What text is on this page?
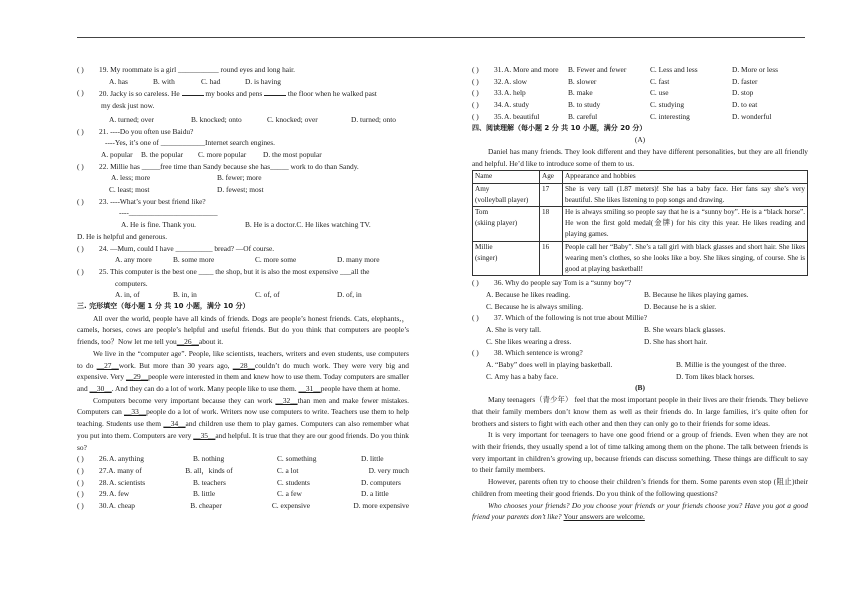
( )	19. My roommate is a girl ___________ round eyes and long hair.
A. has	B. with	C. had	D. is having
( )	20. Jacky is so careless. He	my books and pens	the floor when he walked past
my desk just now.
A. turned; over	B. knocked; onto	C. knocked; over	D. turned; onto
( )	21. ----Do you often use Baidu?
----Yes, it’s one of ____________Internet search engines.
A. popular	B. the popular	C. more popular	D. the most popular
( )	22. Millie has _____free time than Sandy because she has_____ work to do than Sandy.
A. less; more	B. fewer; more
C. least; most	D. fewest; most
( )	23. ----What’s your best friend like?
----________________________
A. He is fine. Thank you.	B. He is a doctor.C. He likes watching TV.
D. He is helpful and generous.
( )	24. —Mum, could I have __________ bread? —Of course.
A. any more	B. some more	C. more some	D. many more
( )	25. This computer is the best one ____ the shop, but it is also the most expensive ___all the
computers.
A. in, of	B. in, in	C. of, of	D. of, in
三. 完形填空（每小题 1 分 共 10 小题，满分 10 分）

All over the world, people have all kinds of friends. Dogs are people’s honest friends. Cats, elephants,，camels, horses, cows are people’s helpful and useful friends. But do you think that computers are people’s friends, too？Now let me tell you__26__about it.

We live in the “computer age”. People, like scientists, teachers, writers and even students, use computers to do __27__work. But more than 30 years ago, __28__couldn’t do much work. They were very big and expensive. Very __29__people were interested in them and knew how to use them. Today computers are smaller and __30__. And they can do a lot of work. Many people like to use them. __31__people have them at home.

Computers become very important because they can work __32__than men and make fewer mistakes. Computers can __33__people do a lot of work. Writers now use computers to write. Teachers use them to help teaching. Students use them __34__and children use them to play games. Computers can also remember what you put into them. Computers are very __35__and helpful. It is true that they are our good friends. Do you think so?

( )	26. A. anything	B. nothing	C. something	D. little
( )	27. A. many of	B. all，kinds of	C. a lot	D. very much
( )	28. A. scientists	B. teachers	C. students	D. computers
( )	29. A. few	B. little	C. a few	D. a little
( )	30. A. cheap	B. cheaper	C. expensive	D. more expensive
( )	31. A. More and more	B. Fewer and fewer	C. Less and less	D. More or less
( )	32. A. slow	B. slower	C. fast	D. faster
( )	33. A. help	B. make	C. use	D. stop
( )	34. A. study	B. to study	C. studying	D. to eat
( )	35. A. beautiful	B. careful	C. interesting	D. wonderful
四、阅读理解（每小题 2 分 共 10 小题，满分 20 分）
(A)

Daniel has many friends. They look different and they have different personalities, but they are all friendly and helpful. He’d like to introduce some of them to us.

Name	Age	Appearance and hobbies

Amy
(volleyball player)	17	She is very tall (1.87 meters)! She has a baby face. Her fans say she’s very beautiful. She likes listening to pop songs and drawing.

Tom
(skiing player)	18	He is always smiling so people say that he is a “sunny boy”. He is a “black horse”. He won the first gold medal(金牌) for his city this year. He likes reading and playing games.

Millie
(singer)	16	People call her “Baby”. She’s a tall girl with black glasses and short hair. She likes wearing men’s clothes, so she looks like a boy. She likes singing, of course. She is good at playing basketball!
( )	36. Why do people say Tom is a “sunny boy”?
A. Because he likes reading.	B. Because he likes playing games.
C. Because he is always smiling.	D. Because he is a skier.
( )	37. Which of the following is not true about Millie?
A. She is very tall.	B. She wears black glasses.
C. She likes wearing a dress.	D. She has short hair.
( )	38. Which sentence is wrong?
A. “Baby” does well in playing basketball.	B. Millie is the youngest of the three.
C. Amy has a baby face.	D. Tom likes black horses.
(B)

Many teenagers（青少年） feel that the most important people in their lives are their friends. They believe that their family members don’t know them as well as their friends do. In large families, it’s quite often for brothers and sisters to fight with each other and then they can only go to their friends for some ideas.

It is very important for teenagers to have one good friend or a group of friends. Even when they are not with their friends, they usually spend a lot of time talking among them on the phone. The talk between friends is very important in children’s growing up, because friends can discuss something. These things are difficult to say to their family members.

However, parents often try to choose their children’s friends for them. Some parents even stop (阻止)their children from meeting their good friends. Do you think of the following questions?

Who chooses your friends? Do you choose your friends or your friends choose you? Have you got a good friend your parents don’t like? Your answers are welcome.
